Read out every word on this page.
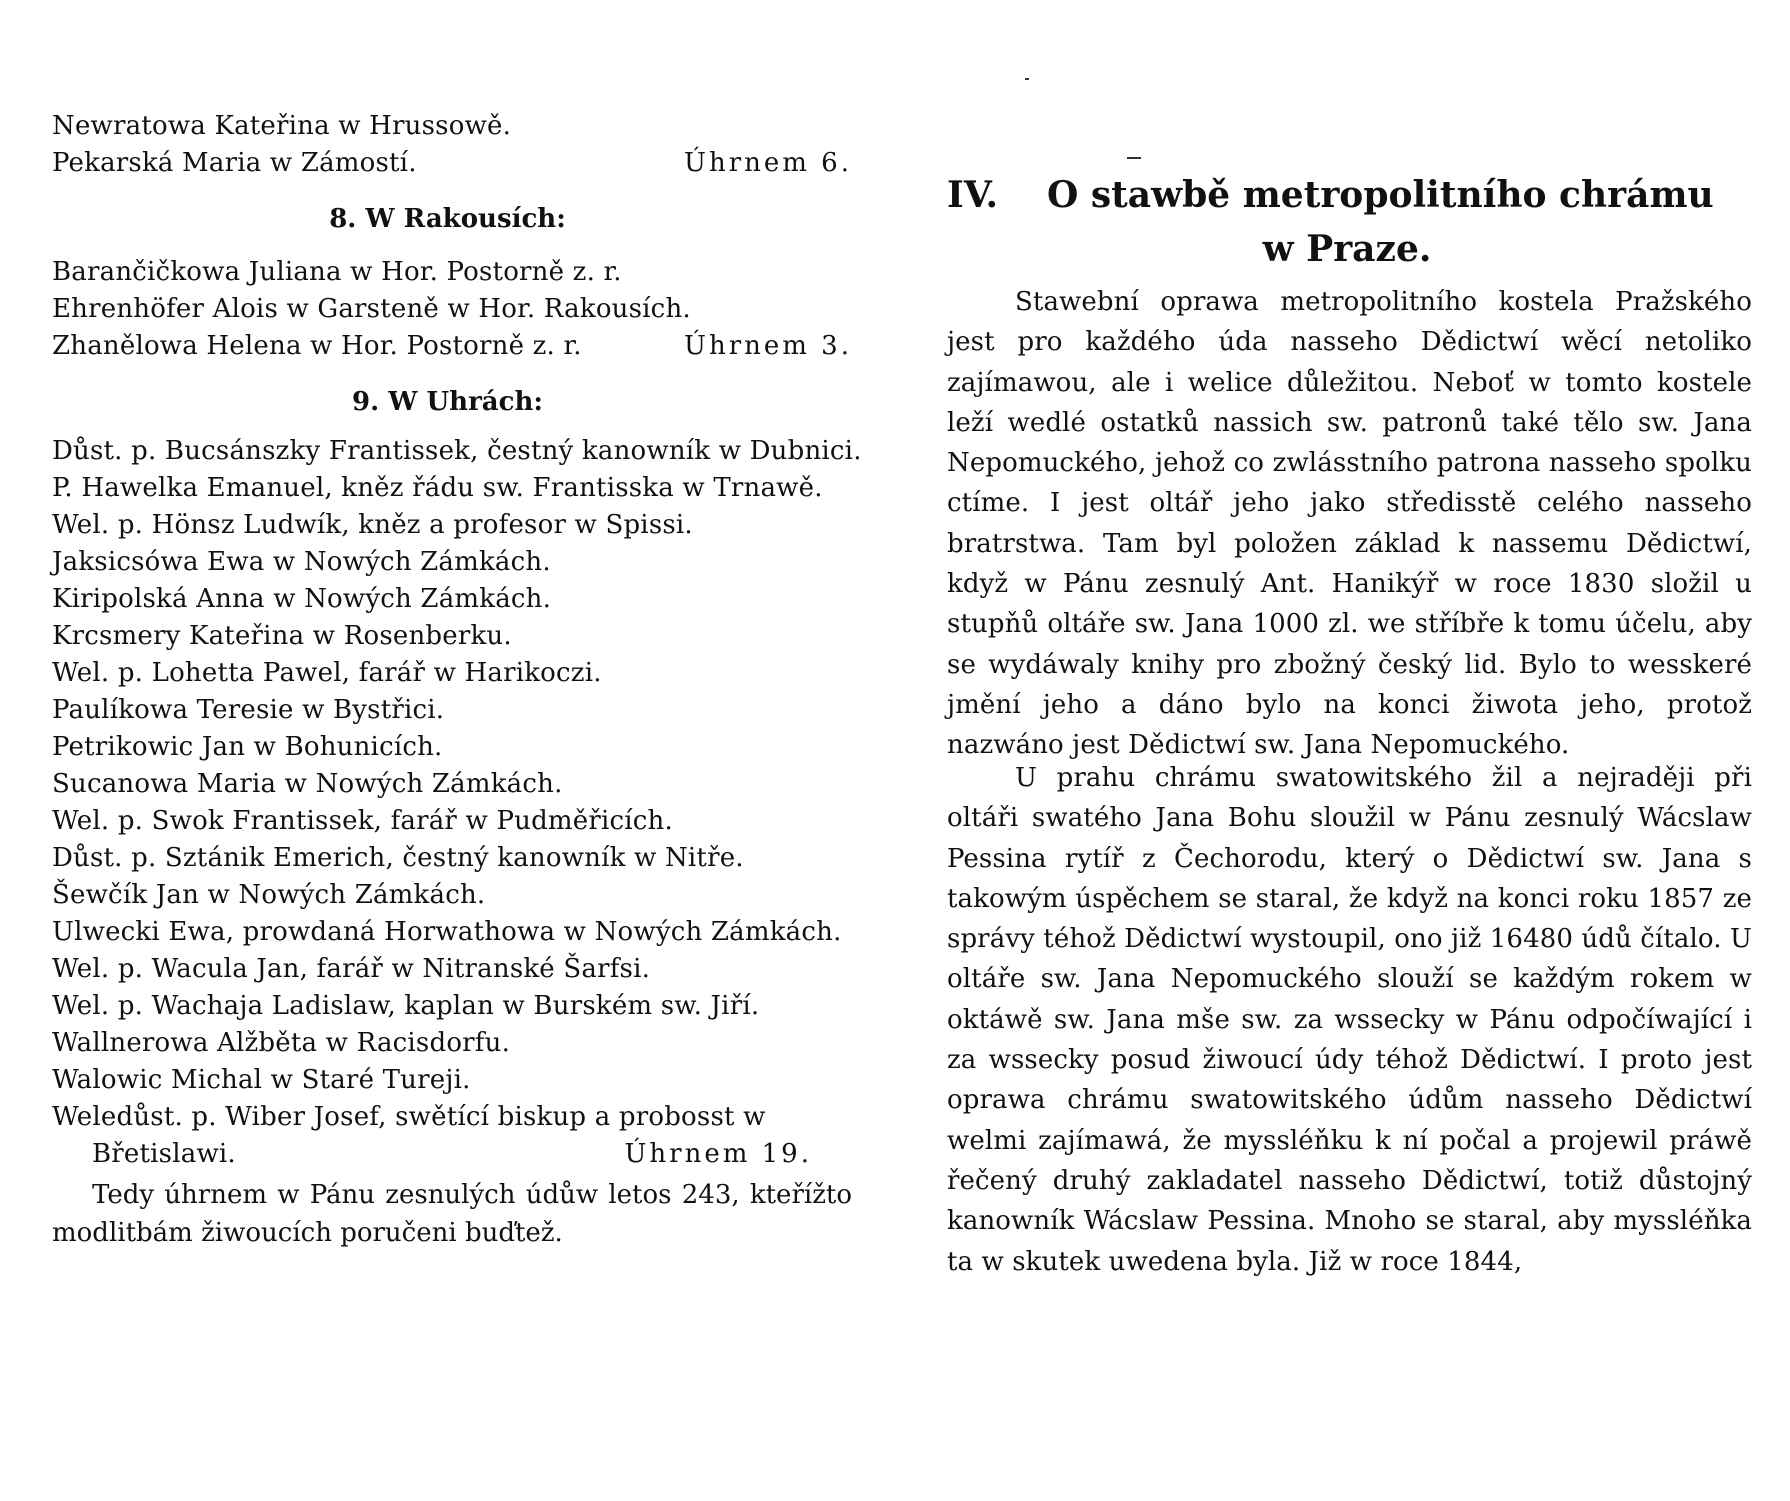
Newratowa Kateřina w Hrussowě.
Pekarská Maria w Zámostí.	Úhrnem 6.
8. W Rakousích:
Barančičkowa Juliana w Hor. Postorně z. r.
Ehrenhöfer Alois w Garsteně w Hor. Rakousích.
Zhanělowa Helena w Hor. Postorně z. r.	Úhrnem 3.
9. W Uhrách:
Důst. p. Bucsánszky Frantissek, čestný kanowník w Dubnici.
P. Hawelka Emanuel, kněz řádu sw. Frantisska w Trnawě.
Wel. p. Hönsz Ludwík, kněz a profesor w Spissi.
Jaksicsówa Ewa w Nowých Zámkách.
Kiripolská Anna w Nowých Zámkách.
Krcsmery Kateřina w Rosenberku.
Wel. p. Lohetta Pawel, farář w Harikoczi.
Paulíkowa Teresie w Bystřici.
Petrikowic Jan w Bohunicích.
Sucanowa Maria w Nowých Zámkách.
Wel. p. Swok Frantissek, farář w Pudměřicích.
Důst. p. Sztánik Emerich, čestný kanowník w Nitře.
Šewčík Jan w Nowých Zámkách.
Ulwecki Ewa, prowdaná Horwathowa w Nowých Zámkách.
Wel. p. Wacula Jan, farář w Nitranské Šarfsi.
Wel. p. Wachaja Ladislaw, kaplan w Burském sw. Jiří.
Wallnerowa Alžběta w Racisdorfu.
Walowic Michal w Staré Tureji.
Weledůst. p. Wiber Josef, swětící biskup a probosst w
Břetislawi.	Úhrnem 19.
Tedy úhrnem w Pánu zesnulých údůw letos 243, kteřížto modlitbám žiwoucích poručeni buďtež.
IV. O stawbě metropolitního chrámu
w Praze.
Stawební oprawa metropolitního kostela Pražského jest pro každého úda nasseho Dědictwí wěcí netoliko zajímawou, ale i welice důležitou. Neboť w tomto kostele leží wedlé ostatků nassich sw. patronů také tělo sw. Jana Nepomuckého, jehož co zwlásstního patrona nasseho spolku ctíme. I jest oltář jeho jako středisstě celého nasseho bratrstwa. Tam byl položen základ k nassemu Dědictwí, když w Pánu zesnulý Ant. Hanikýř w roce 1830 složil u stupňů oltáře sw. Jana 1000 zl. we stříbře k tomu účelu, aby se wydáwaly knihy pro zbožný český lid. Bylo to wesskeré jmění jeho a dáno bylo na konci žiwota jeho, protož nazwáno jest Dědictwí sw. Jana Nepomuckého.
U prahu chrámu swatowitského žil a nejraději při oltáři swatého Jana Bohu sloužil w Pánu zesnulý Wácslaw Pessina rytíř z Čechorodu, který o Dědictwí sw. Jana s takowým úspěchem se staral, že když na konci roku 1857 ze správy téhož Dědictwí wystoupil, ono již 16480 údů čítalo. U oltáře sw. Jana Nepomuckého slouží se každým rokem w oktáwě sw. Jana mše sw. za wssecky w Pánu odpočíwající i za wssecky posud žiwoucí údy téhož Dědictwí. I proto jest oprawa chrámu swatowitského údům nasseho Dědictwí welmi zajímawá, že myssléňku k ní počal a projewil práwě řečený druhý zakladatel nasseho Dědictwí, totiž důstojný kanowník Wácslaw Pessina. Mnoho se staral, aby myssléňka ta w skutek uwedena byla. Již w roce 1844,
